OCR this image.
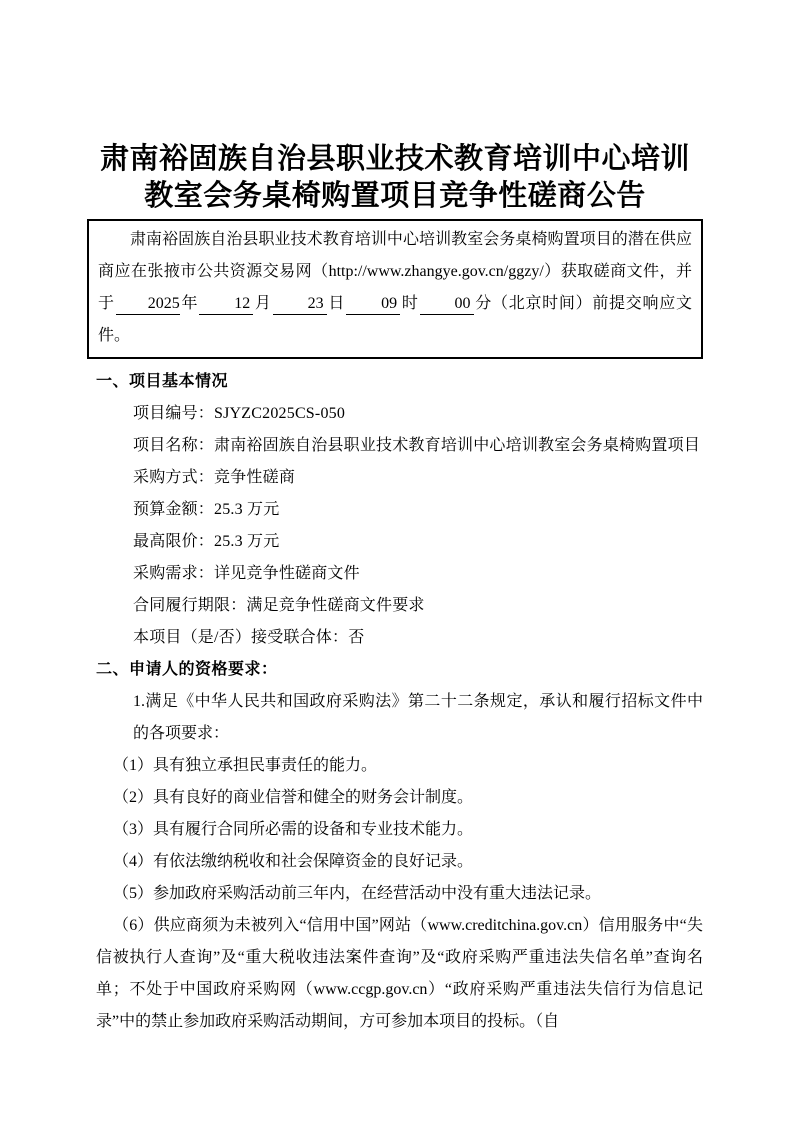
肃南裕固族自治县职业技术教育培训中心培训
教室会务桌椅购置项目竞争性磋商公告

肃南裕固族自治县职业技术教育培训中心培训教室会务桌椅购置项目的潜在供应商应在张掖市公共资源交易网（http://www.zhangye.gov.cn/ggzy/）获取磋商文件，并于 2025年 12 月 23 日 09 时 00 分（北京时间）前提交响应文件。

一、项目基本情况
项目编号：SJYZC2025CS-050
项目名称：肃南裕固族自治县职业技术教育培训中心培训教室会务桌椅购置项目
采购方式：竞争性磋商
预算金额：25.3 万元
最高限价：25.3 万元
采购需求：详见竞争性磋商文件
合同履行期限：满足竞争性磋商文件要求
本项目（是/否）接受联合体：否
二、申请人的资格要求：
1.满足《中华人民共和国政府采购法》第二十二条规定，承认和履行招标文件中的各项要求：
（1）具有独立承担民事责任的能力。
（2）具有良好的商业信誉和健全的财务会计制度。
（3）具有履行合同所必需的设备和专业技术能力。
（4）有依法缴纳税收和社会保障资金的良好记录。
（5）参加政府采购活动前三年内，在经营活动中没有重大违法记录。
（6）供应商须为未被列入“信用中国”网站（www.creditchina.gov.cn）信用服务中“失信被执行人查询”及“重大税收违法案件查询”及“政府采购严重违法失信名单”查询名单；不处于中国政府采购网（www.ccgp.gov.cn）“政府采购严重违法失信行为信息记录”中的禁止参加政府采购活动期间，方可参加本项目的投标。（自
